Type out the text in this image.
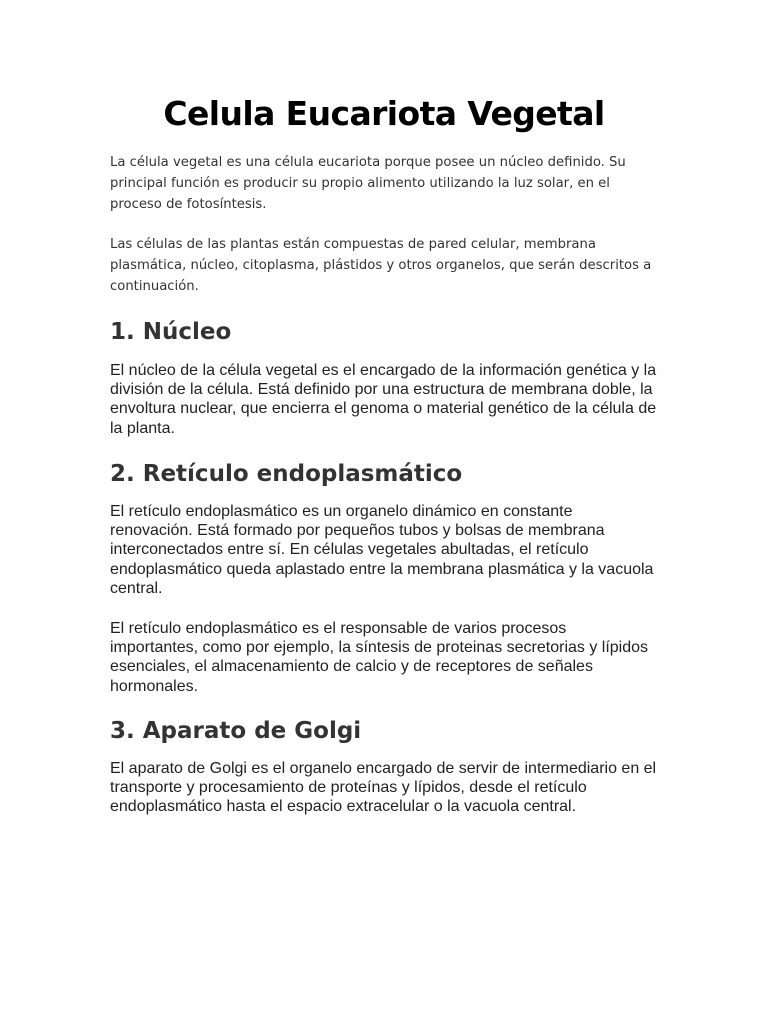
Celula Eucariota Vegetal

La célula vegetal es una célula eucariota porque posee un núcleo definido. Su principal función es producir su propio alimento utilizando la luz solar, en el proceso de fotosíntesis.

Las células de las plantas están compuestas de pared celular, membrana plasmática, núcleo, citoplasma, plástidos y otros organelos, que serán descritos a continuación.

1. Núcleo

El núcleo de la célula vegetal es el encargado de la información genética y la división de la célula. Está definido por una estructura de membrana doble, la envoltura nuclear, que encierra el genoma o material genético de la célula de la planta.

2. Retículo endoplasmático

El retículo endoplasmático es un organelo dinámico en constante renovación. Está formado por pequeños tubos y bolsas de membrana interconectados entre sí. En células vegetales abultadas, el retículo endoplasmático queda aplastado entre la membrana plasmática y la vacuola central.

El retículo endoplasmático es el responsable de varios procesos importantes, como por ejemplo, la síntesis de proteinas secretorias y lípidos esenciales, el almacenamiento de calcio y de receptores de señales hormonales.

3. Aparato de Golgi

El aparato de Golgi es el organelo encargado de servir de intermediario en el transporte y procesamiento de proteínas y lípidos, desde el retículo endoplasmático hasta el espacio extracelular o la vacuola central.
